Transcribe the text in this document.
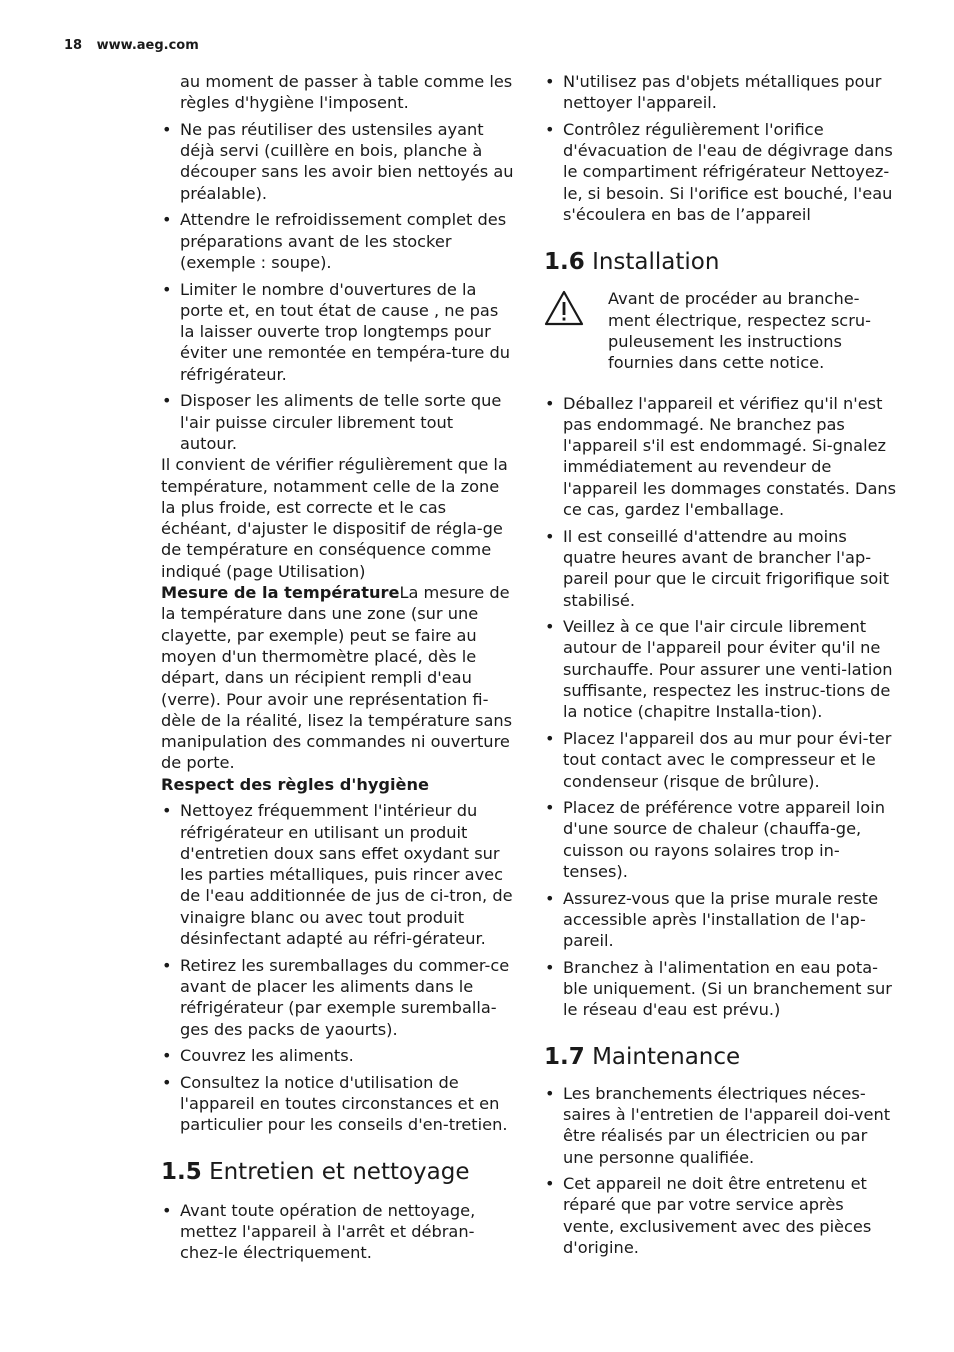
18 www.aeg.com

au moment de passer à table comme les règles d'hygiène l'imposent.

• Ne pas réutiliser des ustensiles ayant déjà servi (cuillère en bois, planche à découper sans les avoir bien nettoyés au préalable).
• Attendre le refroidissement complet des préparations avant de les stocker (exemple : soupe).
• Limiter le nombre d'ouvertures de la porte et, en tout état de cause , ne pas la laisser ouverte trop longtemps pour éviter une remontée en tempéra-ture du réfrigérateur.
• Disposer les aliments de telle sorte que l'air puisse circuler librement tout autour.

Il convient de vérifier régulièrement que la température, notamment celle de la zone la plus froide, est correcte et le cas échéant, d'ajuster le dispositif de régla-ge de température en conséquence comme indiqué (page Utilisation)

Mesure de la températureLa mesure de la température dans une zone (sur une clayette, par exemple) peut se faire au moyen d'un thermomètre placé, dès le départ, dans un récipient rempli d'eau (verre). Pour avoir une représentation fi-dèle de la réalité, lisez la température sans manipulation des commandes ni ouverture de porte.

Respect des règles d'hygiène

• Nettoyez fréquemment l'intérieur du réfrigérateur en utilisant un produit d'entretien doux sans effet oxydant sur les parties métalliques, puis rincer avec de l'eau additionnée de jus de ci-tron, de vinaigre blanc ou avec tout produit désinfectant adapté au réfri-gérateur.
• Retirez les suremballages du commer-ce avant de placer les aliments dans le réfrigérateur (par exemple suremballa-ges des packs de yaourts).
• Couvrez les aliments.
• Consultez la notice d'utilisation de l'appareil en toutes circonstances et en particulier pour les conseils d'en-tretien.
1.5 Entretien et nettoyage
• Avant toute opération de nettoyage, mettez l'appareil à l'arrêt et débran-chez-le électriquement.
• N'utilisez pas d'objets métalliques pour nettoyer l'appareil.
• Contrôlez régulièrement l'orifice d'évacuation de l'eau de dégivrage dans le compartiment réfrigérateur Nettoyez-le, si besoin. Si l'orifice est bouché, l'eau s'écoulera en bas de l’appareil
1.6 Installation

Avant de procéder au branche-ment électrique, respectez scru-puleusement les instructions fournies dans cette notice.

• Déballez l'appareil et vérifiez qu'il n'est pas endommagé. Ne branchez pas l'appareil s'il est endommagé. Si-gnalez immédiatement au revendeur de l'appareil les dommages constatés. Dans ce cas, gardez l'emballage.
• Il est conseillé d'attendre au moins quatre heures avant de brancher l'ap-pareil pour que le circuit frigorifique soit stabilisé.
• Veillez à ce que l'air circule librement autour de l'appareil pour éviter qu'il ne surchauffe. Pour assurer une venti-lation suffisante, respectez les instruc-tions de la notice (chapitre Installa-tion).
• Placez l'appareil dos au mur pour évi-ter tout contact avec le compresseur et le condenseur (risque de brûlure).
• Placez de préférence votre appareil loin d'une source de chaleur (chauffa-ge, cuisson ou rayons solaires trop in-tenses).
• Assurez-vous que la prise murale reste accessible après l'installation de l'ap-pareil.
• Branchez à l'alimentation en eau pota-ble uniquement. (Si un branchement sur le réseau d'eau est prévu.)
1.7 Maintenance
• Les branchements électriques néces-saires à l'entretien de l'appareil doi-vent être réalisés par un électricien ou par une personne qualifiée.
• Cet appareil ne doit être entretenu et réparé que par votre service après vente, exclusivement avec des pièces d'origine.
